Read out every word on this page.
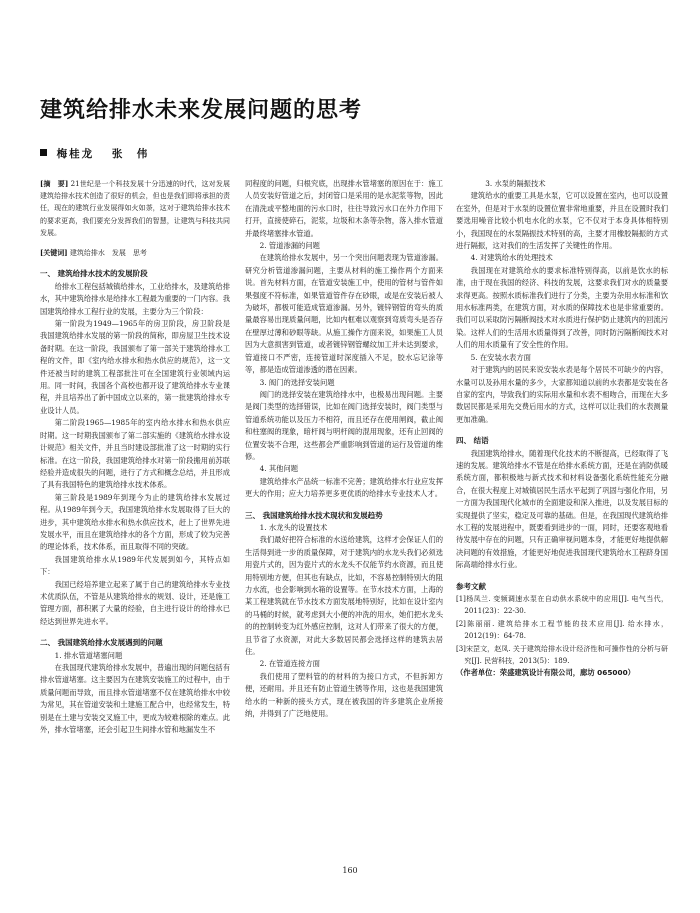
建筑给排水未来发展问题的思考
梅桂龙 张　伟

[摘　要] 21世纪是一个科技发展十分迅速的时代，这对发展建筑给排水技术创造了很好的机会，但也是我们即将承担的责任，现在的建筑行业发展得如火如荼，这对于建筑给排水技术的要求更高，我们要充分发挥我们的智慧，让建筑与科技共同发展。

[关键词] 建筑给排水　发展　思考

一、 建筑给排水技术的发展阶段

给排水工程包括城镇给排水，工业给排水，及建筑给排水，其中建筑给排水是给排水工程最为重要的一门内容。我国建筑给排水工程行业的发展，主要分为三个阶段：

第一阶段为1949—1965年的房卫阶段，房卫阶段是我国建筑给排水发展的第一阶段的简称，即房屋卫生技术设备时期。在这一阶段，我国颁布了第一部关于建筑给排水工程的文件，即《室内给水排水和热水供应的规范》，这一文件还被当时的建筑工程部批注可在全国建筑行业领域内运用。同一时间，我国各个高校也都开设了建筑给排水专业课程，并且培养出了新中国成立以来的，第一批建筑给排水专业设计人员。

第二阶段1965—1985年的室内给水排水和热水供应时期。这一时期我国颁布了第二部实施的《建筑给水排水设计规范》相关文件，并且当时建设部批准了这一时期的实行标准。在这一阶段，我国建筑给排水对第一阶段搬用前苏联经验并造成很失的问题，进行了方式和概念总结，并且形成了具有我国特色的建筑给排水技术体系。

第三阶段是1989年到现今为止的建筑给排水发展过程。从1989年到今天，我国建筑给排水发展取得了巨大的进步，其中建筑给水排水和热水供应技术，赶上了世界先进发展水平，而且在建筑给排水的各个方面，形成了较为完善的理论体系，技术体系，而且取得不同的突破。

我国建筑给排水从1989年代发展到如今，其特点如下：

我国已经培养建立起来了属于自己的建筑给排水专业技术优质队伍，不管是从建筑给排水的规划、设计，还是施工管理方面，都积累了大量的经验，自主进行设计的给排水已经达到世界先进水平。

二、 我国建筑给排水发展遇到的问题

1. 排水管道堵塞问题

在我国现代建筑给排水发展中，普遍出现的问题包括有排水管道堵塞。这主要因为在建筑安装施工的过程中，由于质量问题而导致，而且排水管道堵塞不仅在建筑给排水中较为常见，其在管道安装和土建施工配合中，也经常发生，特别是在土建与安装交叉施工中，更成为较难根除的难点。此外，排水管堵塞，还会引起卫生间排水管和地漏发生不

同程度的问题，归根究底，出现排水管堵塞的原因在于：施工人员安装好管道之后，封闭管口是采用的是水泥浆等物，因此在清洗或平整地面的污水口时，往往导致污水口在外力作用下打开，直接使碎石，泥浆，垃圾和木条等杂物，落入排水管道并最终堵塞排水管道。

2. 管道渗漏的问题

在建筑给排水发展中，另一个突出问题表现为管道渗漏。研究分析管道渗漏问题，主要从材料的施工操作两个方面来说。首先材料方面，在管道安装施工中，使用的管材与管件如果强度不符标准，如果管道管件存在砂眼，或是在安装后被人为破坏，都极可能造成管道渗漏。另外，镀锌钢管的弯头的质量最容易出现质量问题，比如内框难以观察到弯质弯头是否存在壁厚过薄和砂眼等缺。从施工操作方面来说，如果施工人员因为大意损害到管道，或者镀锌钢管螺纹加工并未达到要求，管道接口不严密，连接管道时深度插入不足，胶水忘记涂等等，都是造成管道渗透的潜在因素。

3. 阀门的选择安装问题

阀门的选择安装在建筑给排水中，也极易出现问题。主要是阀门类型的选择错误，比如在阀门选择安装时，阀门类型与管道系统功能以及压力不相符，而且还存在使用闸阀，截止阀和柱塞阀的现象，暗杆阀与明杆阀的混用现象，还有止回阀的位置安装不合理，这些都会严重影响到管道的运行及管道的维修。

4. 其他问题

建筑给排水产品统一标准不完善；建筑给排水行业应发挥更大的作用；应大力培养更多更优质的给排水专业技术人才。

三、 我国建筑给排水技术现状和发展趋势

1. 水龙头的设置技术

我们最好把符合标准的水送给建筑，这样才会保证人们的生活得到进一步的质量保障，对于建筑内的水龙头我们必须选用瓷片式的，因为瓷片式的水龙头不仅能节约水资源，而且使用特别地方便，但其也有缺点，比如，不容易控制特别大的阻力水流，也会影响到水箱的设置等。在节水技术方面，上海的某工程建筑就在节水技术方面发展地特别好，比如在设计室内的马桶的时候，就考虑到大小便的冲洗的用水，她们把水龙头的的控制转变为红外感应控制，这对人们带来了很大的方便，且节省了水资源，对此大多数居民都会选择这样的建筑去居住。

2. 在管道连接方面

我们使用了塑料管的的材料的为接口方式，不但拆卸方便，还耐用。并且还有防止管道生锈等作用，这也是我国建筑给水的一种新的接头方式，现在被我国的许多建筑企业所接纳，并得到了广泛地使用。

3. 水泵的隔振技术

建筑给水的重要工具是水泵，它可以设置在室内，也可以设置在室外，但是对于水泵的设置位置非常地重要，并且在设置时我们要选用噪音比较小机电水化的水泵，它不仅对于本身具体相特别小，我国现在的水泵隔振技术特别的高，主要才用橡胶隔振的方式进行隔振，这对我们的生活发挥了关键性的作用。

4. 对建筑给水的处理技术

我国现在对建筑给水的要求标准特别得高，以前是饮水的标准，由于现在我国的经济、科技的发展，这要求我们对水的质量要求得更高。按照水质标准我们进行了分类，主要为杂用水标准和饮用水标准两类，在建筑方面，对水质的保障技术也是非常重要的。我们可以采取防污隔断阀技术对水质进行保护防止建筑内的回流污染。这样人们的生活用水质量得到了改善，同时防污隔断阀技术对人们的用水质量有了安全性的作用。

5. 在安装水表方面

对于建筑内的居民来说安装水表是每个居民不可缺少的内容，水量可以及孙用水量的多少，大家都知道以前的水表都是安装在各自家的室内，导致我们的实际用水量和水表不相吻合，而现在大多数居民都是采用先交费后用水的方式，这样可以让我们的水表测量更加准确。

四、 结语

我国建筑给排水，随着现代化技术的不断提高，已经取得了飞速的发展。建筑给排水不管是在给排水系统方面，还是在消防供暖系统方面，都积极地与新式技术和材料设备强化系统性能充分融合，在很大程度上对城镇居民生活水平起到了巩固与强化作用，另一方面为我国现代化城市的全面建设和深入推进，以及发展目标的实现提供了坚实，稳定及可靠的基础。但是，在我国现代建筑给排水工程的发展进程中，既要看到进步的一面，同时，还要客观地看待发展中存在的问题，只有正确审视问题本身，才能更好地提供解决问题的有效措施，才能更好地促进我国现代建筑给水工程跻身国际高端给排水行业。

参考文献

[1]杨凤兰. 变频调速水泵在自动供水系统中的应用[J]. 电气当代，2011(23)：22-30.

[2]陈丽丽. 建筑给排水工程节能的技术应用[J]. 给水排水，2012(19)：64-78.

[3]宋罡文，赵凤. 关于建筑给排水设计经济性和可操作性的分析与研究[J]. 民营科技，2013(5)：189.

（作者单位：荣盛建筑设计有限公司，廊坊 065000）

160
